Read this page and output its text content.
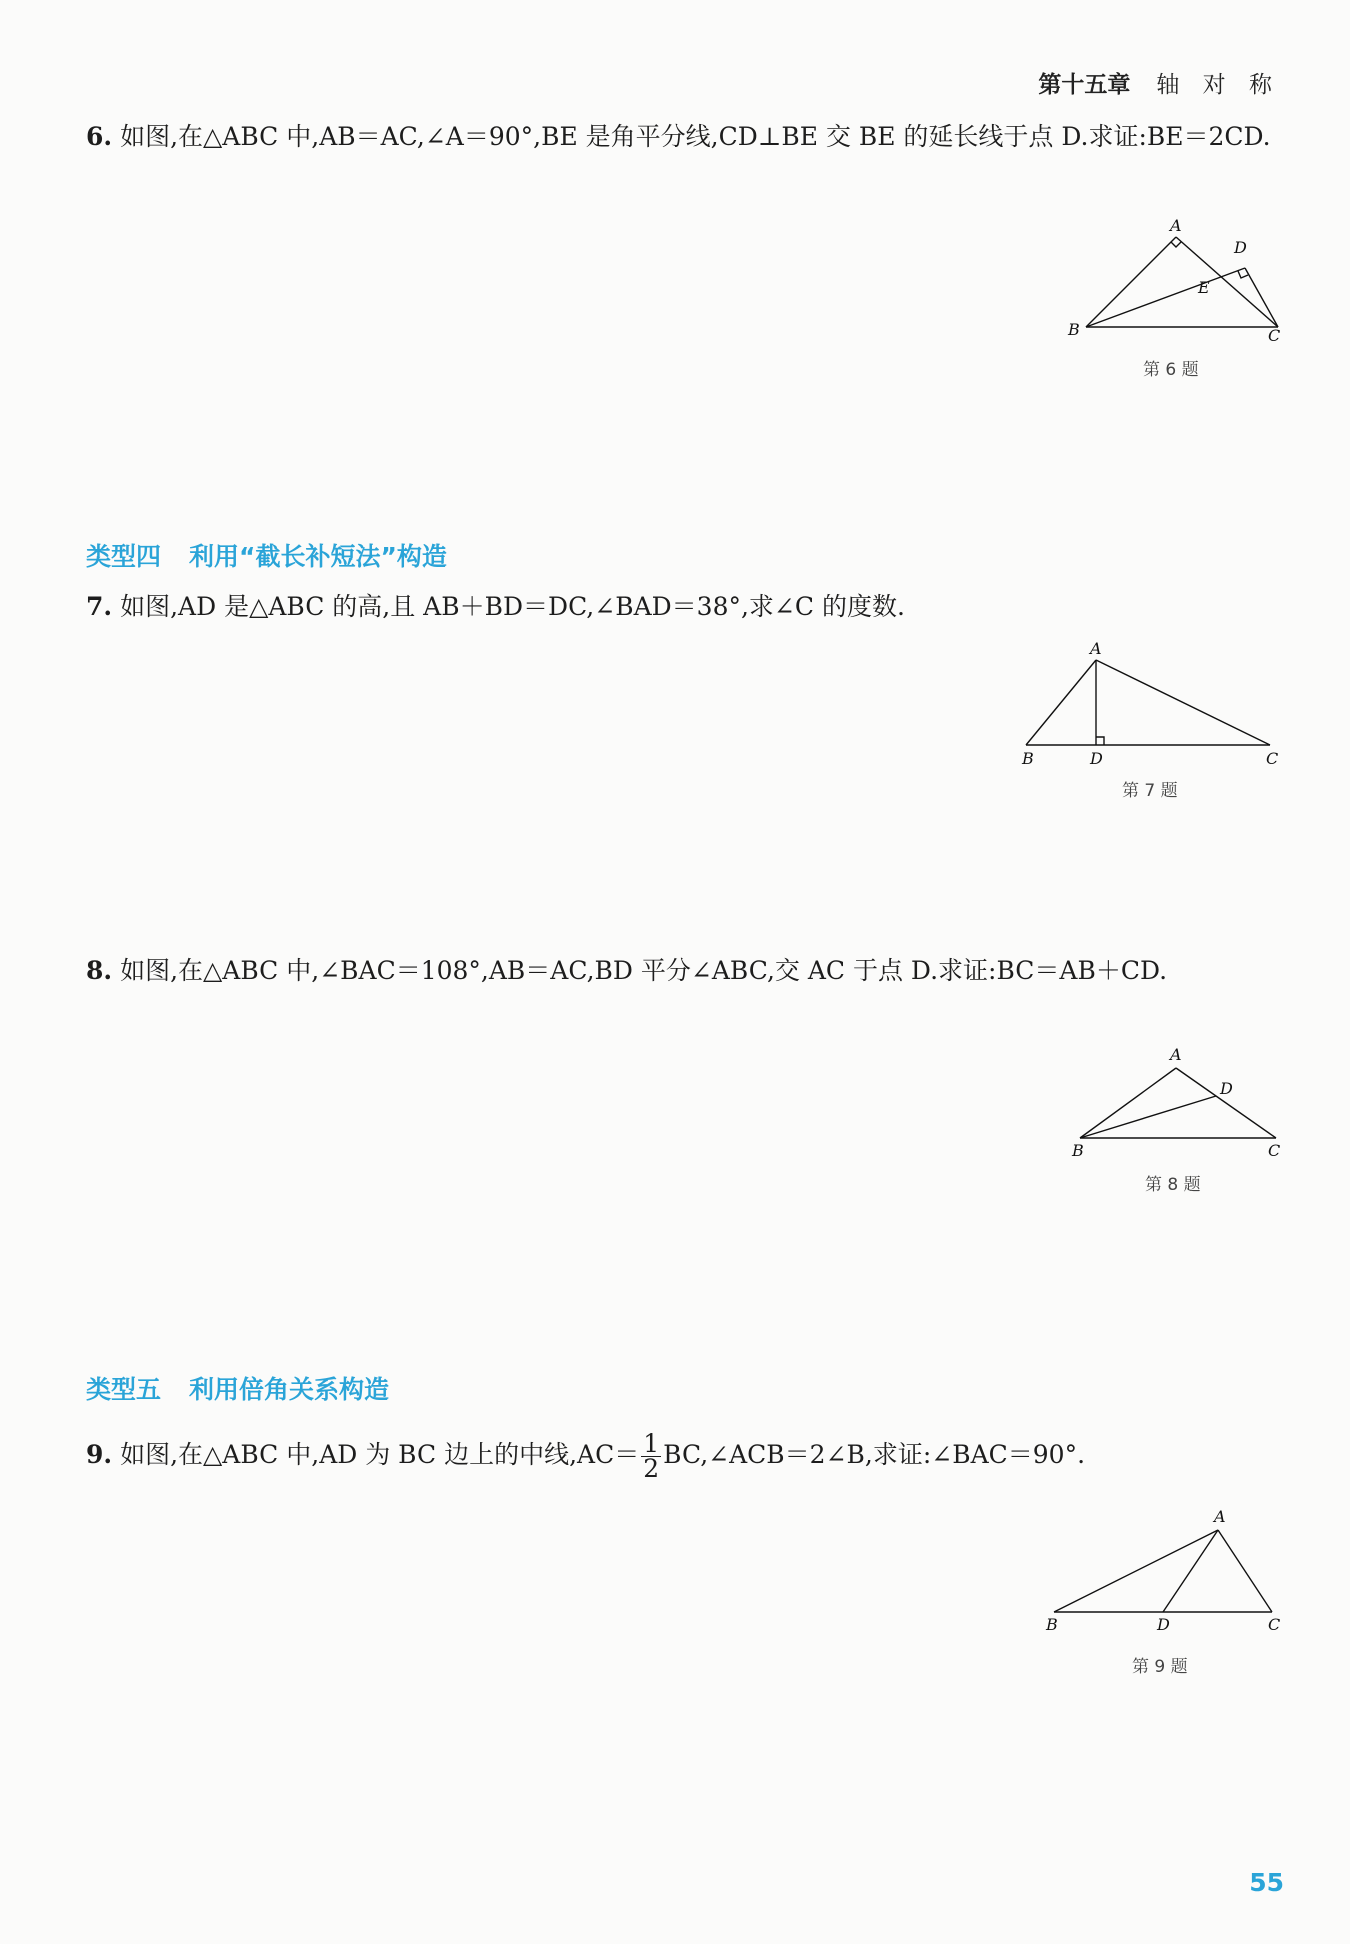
第十五章 轴 对 称
6. 如图,在△ABC 中,AB＝AC,∠A＝90°,BE 是角平分线,CD⊥BE 交 BE 的延长线于点 D.求证:BE＝2CD.
A
B	C
D
E
第 6 题
类型四 利用“截长补短法”构造
7. 如图,AD 是△ABC 的高,且 AB＋BD＝DC,∠BAD＝38°,求∠C 的度数.
A
B	D	C
第 7 题
8. 如图,在△ABC 中,∠BAC＝108°,AB＝AC,BD 平分∠ABC,交 AC 于点 D.求证:BC＝AB＋CD.
A
B
D
C
第 8 题
类型五 利用倍角关系构造
9. 如图,在△ABC 中,AD 为 BC 边上的中线$,AC= \frac{1}{2}$ BC,∠ACB＝2∠B,求证:∠BAC＝90°.
A
B	D	C
第 9 题
55
